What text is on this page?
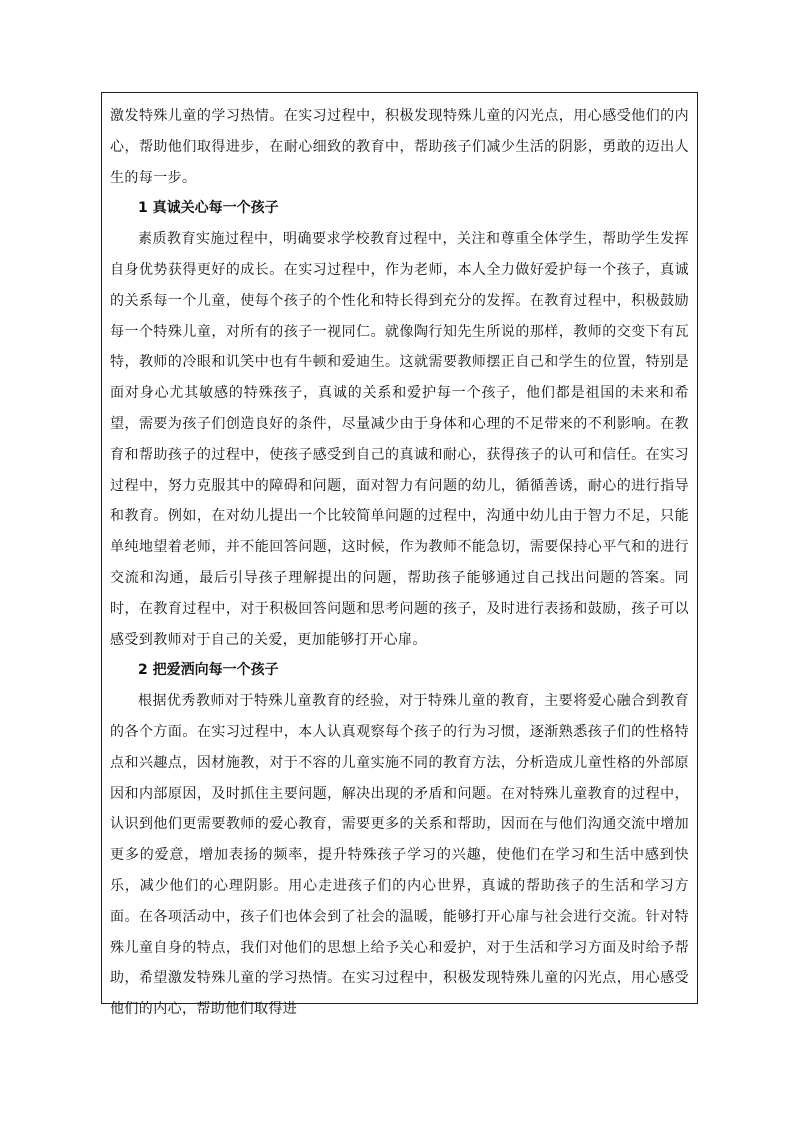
激发特殊儿童的学习热情。在实习过程中，积极发现特殊儿童的闪光点，用心感受他们的内心，帮助他们取得进步，在耐心细致的教育中，帮助孩子们减少生活的阴影，勇敢的迈出人生的每一步。

1 真诚关心每一个孩子

素质教育实施过程中，明确要求学校教育过程中，关注和尊重全体学生，帮助学生发挥自身优势获得更好的成长。在实习过程中，作为老师，本人全力做好爱护每一个孩子，真诚的关系每一个儿童，使每个孩子的个性化和特长得到充分的发挥。在教育过程中，积极鼓励每一个特殊儿童，对所有的孩子一视同仁。就像陶行知先生所说的那样，教师的交变下有瓦特，教师的冷眼和讥笑中也有牛顿和爱迪生。这就需要教师摆正自己和学生的位置，特别是面对身心尤其敏感的特殊孩子，真诚的关系和爱护每一个孩子，他们都是祖国的未来和希望，需要为孩子们创造良好的条件，尽量减少由于身体和心理的不足带来的不利影响。在教育和帮助孩子的过程中，使孩子感受到自己的真诚和耐心，获得孩子的认可和信任。在实习过程中，努力克服其中的障碍和问题，面对智力有问题的幼儿，循循善诱，耐心的进行指导和教育。例如，在对幼儿提出一个比较简单问题的过程中，沟通中幼儿由于智力不足，只能单纯地望着老师，并不能回答问题，这时候，作为教师不能急切，需要保持心平气和的进行交流和沟通，最后引导孩子理解提出的问题，帮助孩子能够通过自己找出问题的答案。同时，在教育过程中，对于积极回答问题和思考问题的孩子，及时进行表扬和鼓励，孩子可以感受到教师对于自己的关爱，更加能够打开心扉。

2 把爱洒向每一个孩子

根据优秀教师对于特殊儿童教育的经验，对于特殊儿童的教育，主要将爱心融合到教育的各个方面。在实习过程中，本人认真观察每个孩子的行为习惯，逐渐熟悉孩子们的性格特点和兴趣点，因材施教，对于不容的儿童实施不同的教育方法，分析造成儿童性格的外部原因和内部原因，及时抓住主要问题，解决出现的矛盾和问题。在对特殊儿童教育的过程中，认识到他们更需要教师的爱心教育，需要更多的关系和帮助，因而在与他们沟通交流中增加更多的爱意，增加表扬的频率，提升特殊孩子学习的兴趣，使他们在学习和生活中感到快乐，减少他们的心理阴影。用心走进孩子们的内心世界，真诚的帮助孩子的生活和学习方面。在各项活动中，孩子们也体会到了社会的温暖，能够打开心扉与社会进行交流。针对特殊儿童自身的特点，我们对他们的思想上给予关心和爱护，对于生活和学习方面及时给予帮助，希望激发特殊儿童的学习热情。在实习过程中，积极发现特殊儿童的闪光点，用心感受他们的内心，帮助他们取得进
